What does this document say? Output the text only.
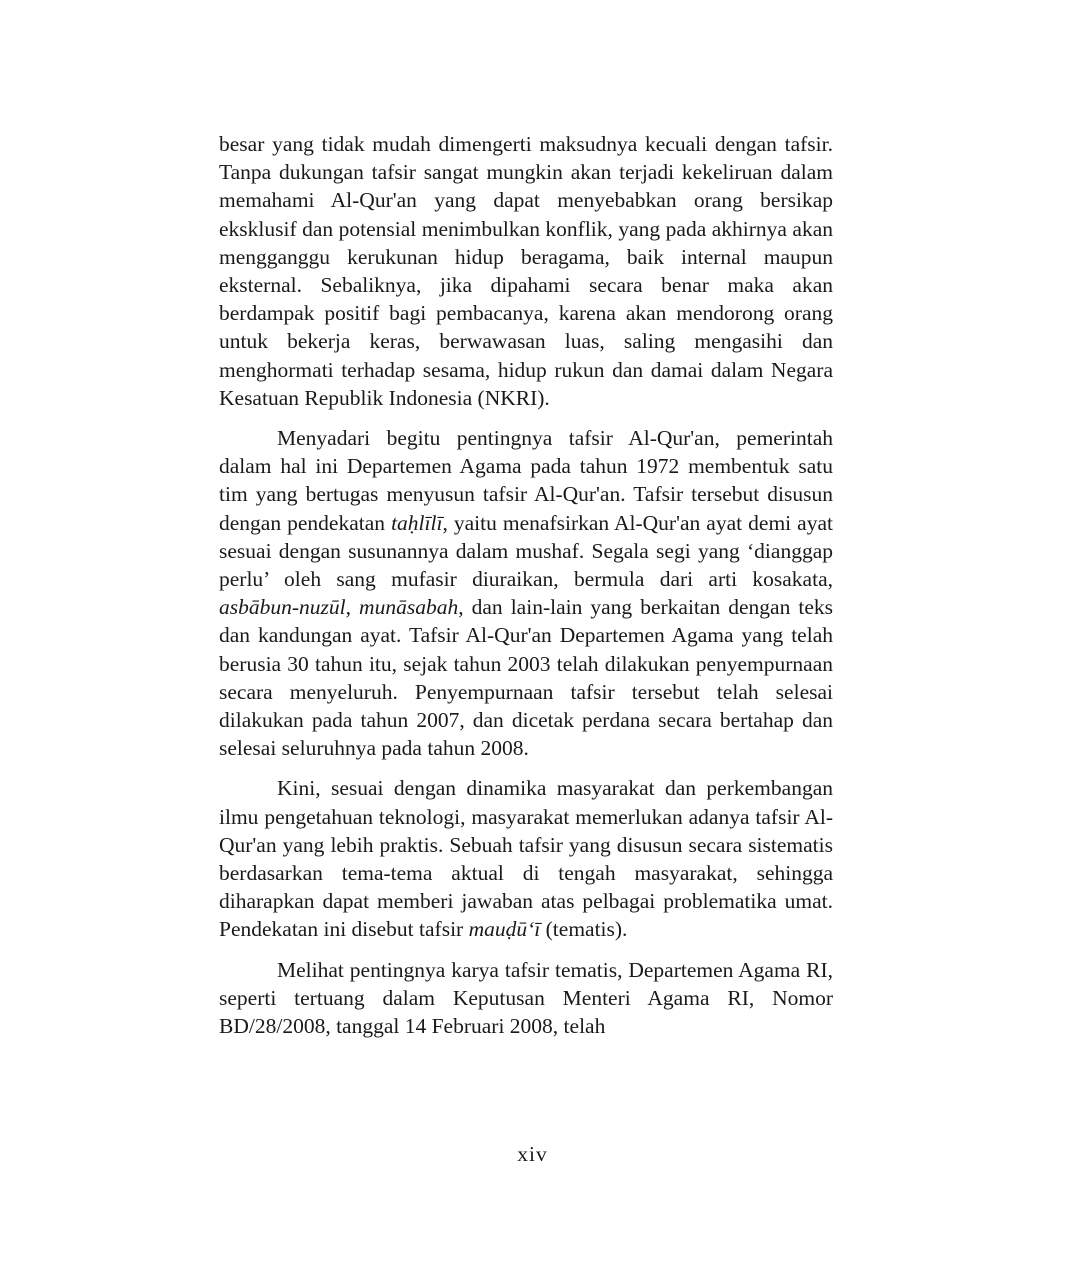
besar yang tidak mudah dimengerti maksudnya kecuali dengan tafsir. Tanpa dukungan tafsir sangat mungkin akan terjadi kekeliruan dalam memahami Al-Qur'an yang dapat menyebabkan orang bersikap eksklusif dan potensial menimbulkan konflik, yang pada akhirnya akan mengganggu kerukunan hidup beragama, baik internal maupun eksternal. Sebaliknya, jika dipahami secara benar maka akan berdampak positif bagi pembacanya, karena akan mendorong orang untuk bekerja keras, berwawasan luas, saling mengasihi dan menghormati terhadap sesama, hidup rukun dan damai dalam Negara Kesatuan Republik Indonesia (NKRI).

Menyadari begitu pentingnya tafsir Al-Qur'an, pemerintah dalam hal ini Departemen Agama pada tahun 1972 membentuk satu tim yang bertugas menyusun tafsir Al-Qur'an. Tafsir tersebut disusun dengan pendekatan taḥlīlī, yaitu menafsirkan Al-Qur'an ayat demi ayat sesuai dengan susunannya dalam mushaf. Segala segi yang ‘dianggap perlu’ oleh sang mufasir diuraikan, bermula dari arti kosakata, asbābun-nuzūl, munāsabah, dan lain-lain yang berkaitan dengan teks dan kandungan ayat. Tafsir Al-Qur'an Departemen Agama yang telah berusia 30 tahun itu, sejak tahun 2003 telah dilakukan penyempurnaan secara menyeluruh. Penyempurnaan tafsir tersebut telah selesai dilakukan pada tahun 2007, dan dicetak perdana secara bertahap dan selesai seluruhnya pada tahun 2008.

Kini, sesuai dengan dinamika masyarakat dan perkembangan ilmu pengetahuan teknologi, masyarakat memerlukan adanya tafsir Al-Qur'an yang lebih praktis. Sebuah tafsir yang disusun secara sistematis berdasarkan tema-tema aktual di tengah masyarakat, sehingga diharapkan dapat memberi jawaban atas pelbagai problematika umat. Pendekatan ini disebut tafsir mauḍū‘ī (tematis).

Melihat pentingnya karya tafsir tematis, Departemen Agama RI, seperti tertuang dalam Keputusan Menteri Agama RI, Nomor BD/28/2008, tanggal 14 Februari 2008, telah

xiv
